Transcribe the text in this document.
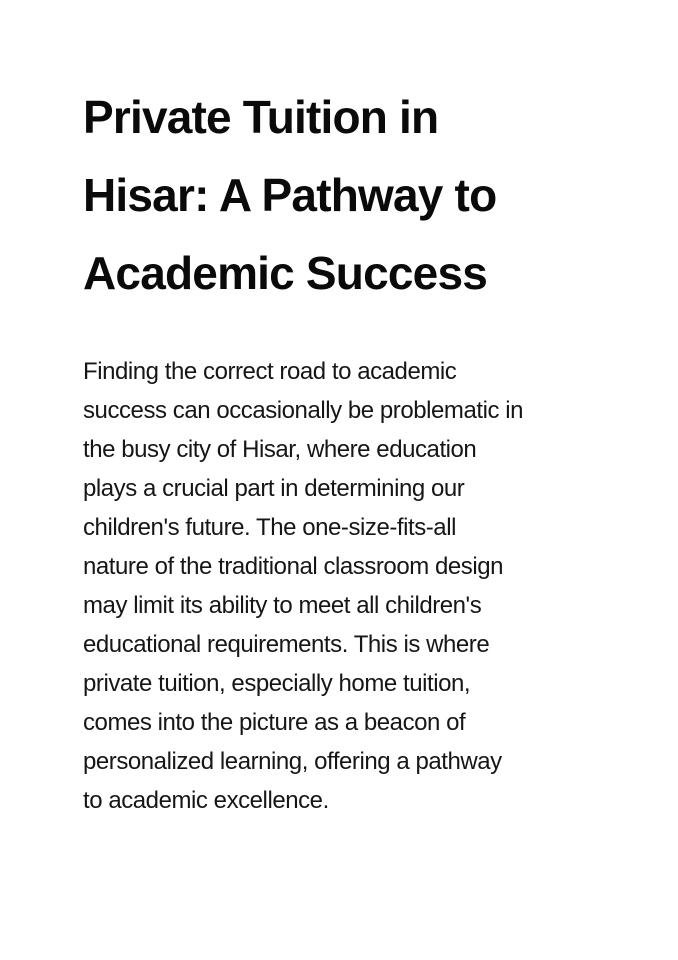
Private Tuition in
Hisar: A Pathway to
Academic Success

Finding the correct road to academic
success can occasionally be problematic in
the busy city of Hisar, where education
plays a crucial part in determining our
children's future. The one-size-fits-all
nature of the traditional classroom design
may limit its ability to meet all children's
educational requirements. This is where
private tuition, especially home tuition,
comes into the picture as a beacon of
personalized learning, offering a pathway
to academic excellence.
